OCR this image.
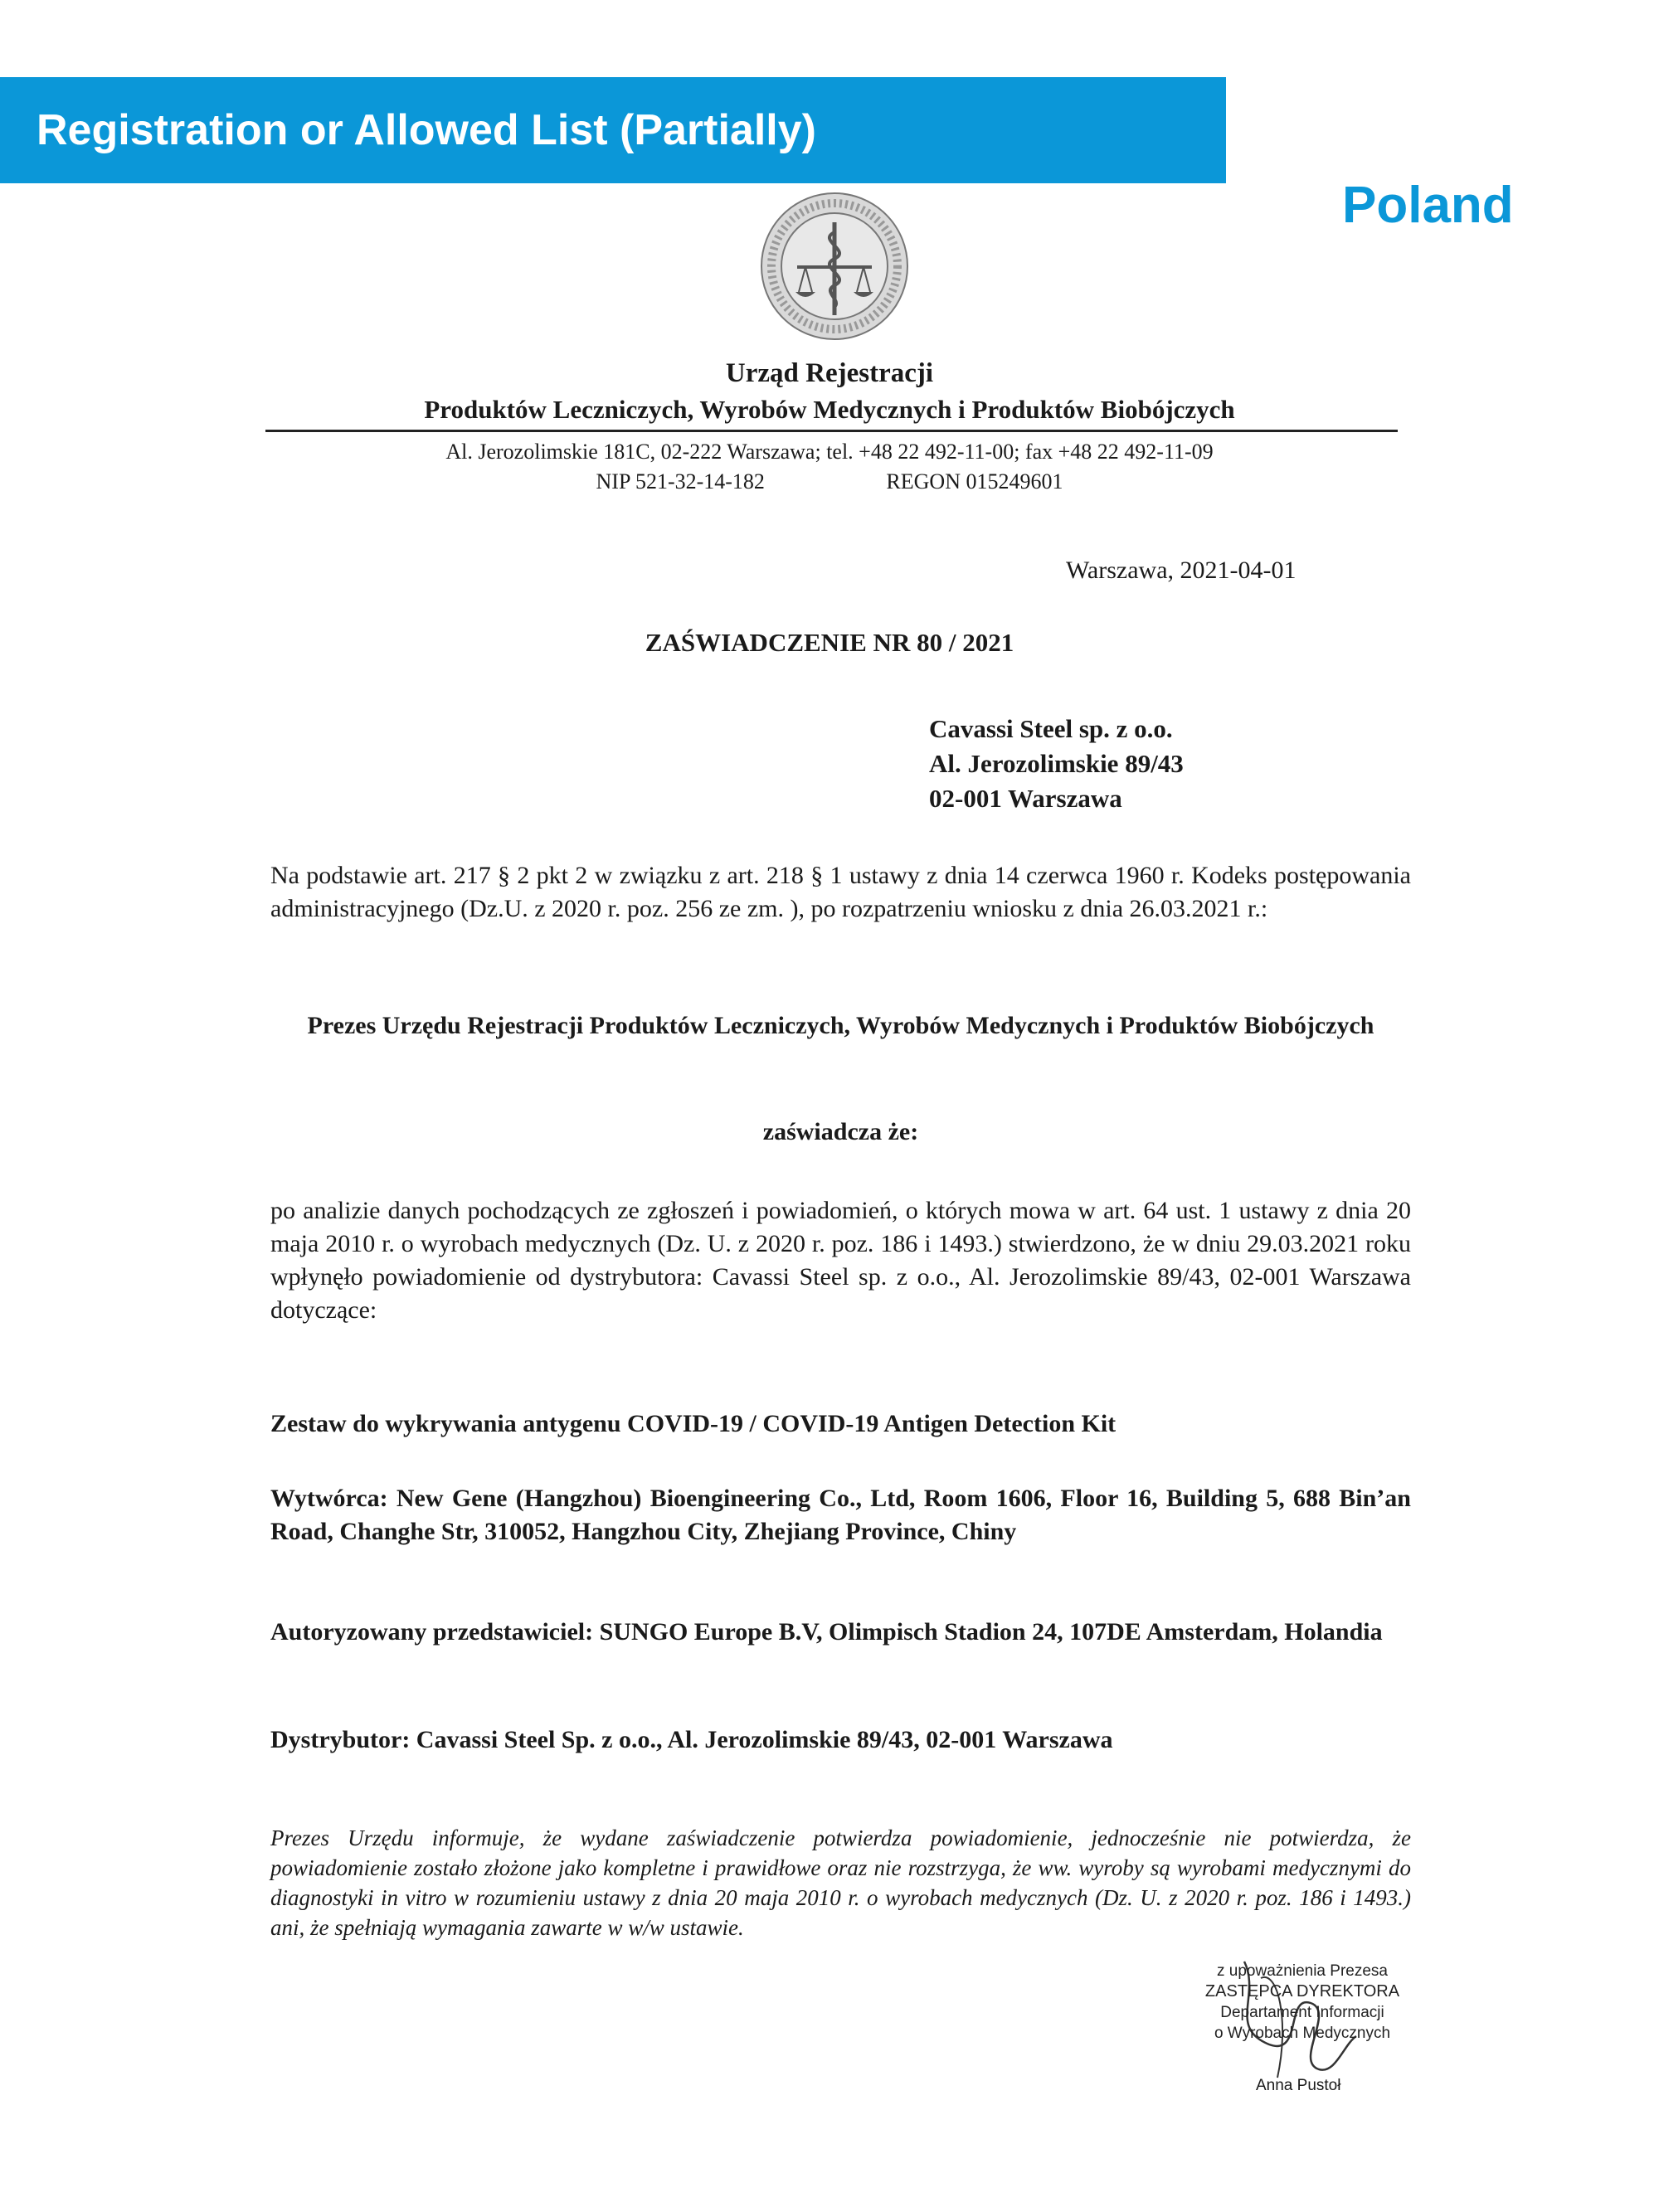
Registration or Allowed List (Partially)
Poland
Urząd Rejestracji
Produktów Leczniczych, Wyrobów Medycznych i Produktów Biobójczych
Al. Jerozolimskie 181C, 02-222 Warszawa; tel. +48 22 492-11-00; fax +48 22 492-11-09
NIP 521-32-14-182	REGON 015249601
Warszawa, 2021-04-01
ZAŚWIADCZENIE NR 80 / 2021
Cavassi Steel sp. z o.o.
Al. Jerozolimskie 89/43
02-001 Warszawa
Na podstawie art. 217 § 2 pkt 2 w związku z art. 218 § 1 ustawy z dnia 14 czerwca 1960 r. Kodeks postępowania administracyjnego (Dz.U. z 2020 r. poz. 256 ze zm. ), po rozpatrzeniu wniosku z dnia 26.03.2021 r.:
Prezes Urzędu Rejestracji Produktów Leczniczych, Wyrobów Medycznych i Produktów Biobójczych
zaświadcza że:
po analizie danych pochodzących ze zgłoszeń i powiadomień, o których mowa w art. 64 ust. 1 ustawy z dnia 20 maja 2010 r. o wyrobach medycznych (Dz. U. z 2020 r. poz. 186 i 1493.) stwierdzono, że w dniu 29.03.2021 roku wpłynęło powiadomienie od dystrybutora: Cavassi Steel sp. z o.o., Al. Jerozolimskie 89/43, 02-001 Warszawa dotyczące:
Zestaw do wykrywania antygenu COVID-19 / COVID-19 Antigen Detection Kit
Wytwórca: New Gene (Hangzhou) Bioengineering Co., Ltd, Room 1606, Floor 16, Building 5, 688 Bin’an Road, Changhe Str, 310052, Hangzhou City, Zhejiang Province, Chiny
Autoryzowany przedstawiciel: SUNGO Europe B.V, Olimpisch Stadion 24, 107DE Amsterdam, Holandia
Dystrybutor: Cavassi Steel Sp. z o.o., Al. Jerozolimskie 89/43, 02-001 Warszawa
Prezes Urzędu informuje, że wydane zaświadczenie potwierdza powiadomienie, jednocześnie nie potwierdza, że powiadomienie zostało złożone jako kompletne i prawidłowe oraz nie rozstrzyga, że ww. wyroby są wyrobami medycznymi do diagnostyki in vitro w rozumieniu ustawy z dnia 20 maja 2010 r. o wyrobach medycznych (Dz. U. z 2020 r. poz. 186 i 1493.) ani, że spełniają wymagania zawarte w w/w ustawie.
z upoważnienia Prezesa
ZASTĘPCA DYREKTORA
Departament Informacji
o Wyrobach Medycznych
Anna Pustoł
